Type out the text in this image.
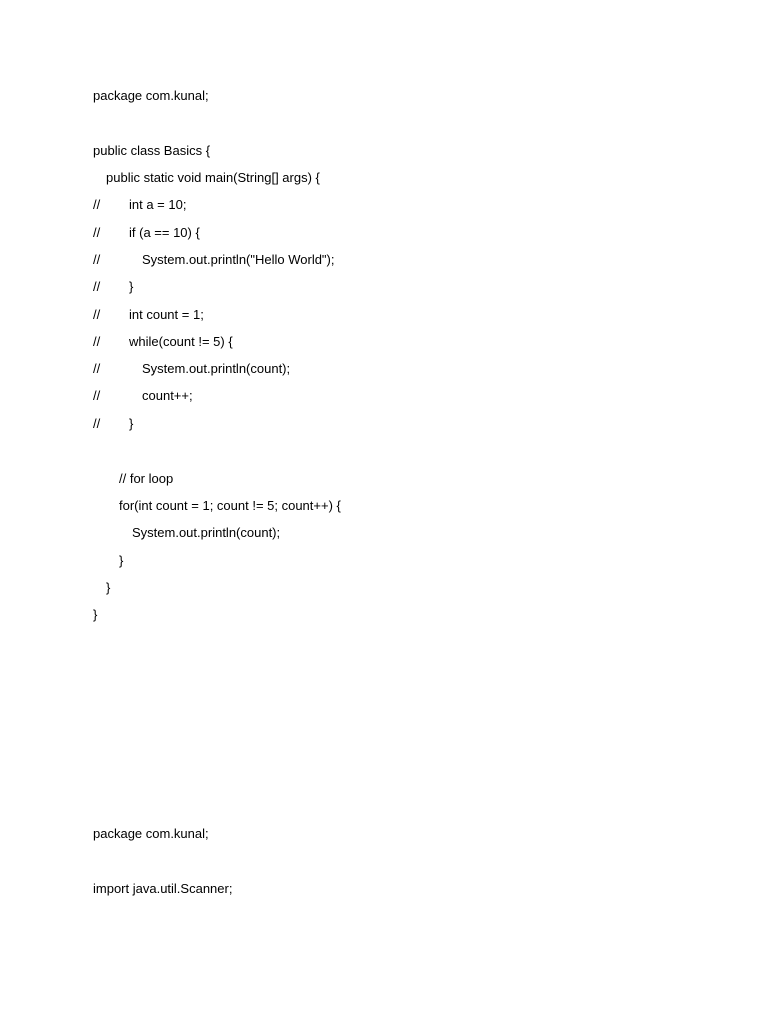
package com.kunal;
public class Basics {
public static void main(String[] args) {
// int a = 10;
// if (a == 10) {
//	System.out.println("Hello World");
// }
// int count = 1;
// while(count != 5) {
//	System.out.println(count);
//	count++;
// }
// for loop
for(int count = 1; count != 5; count++) {
System.out.println(count);
}
}
}
package com.kunal;
import java.util.Scanner;
